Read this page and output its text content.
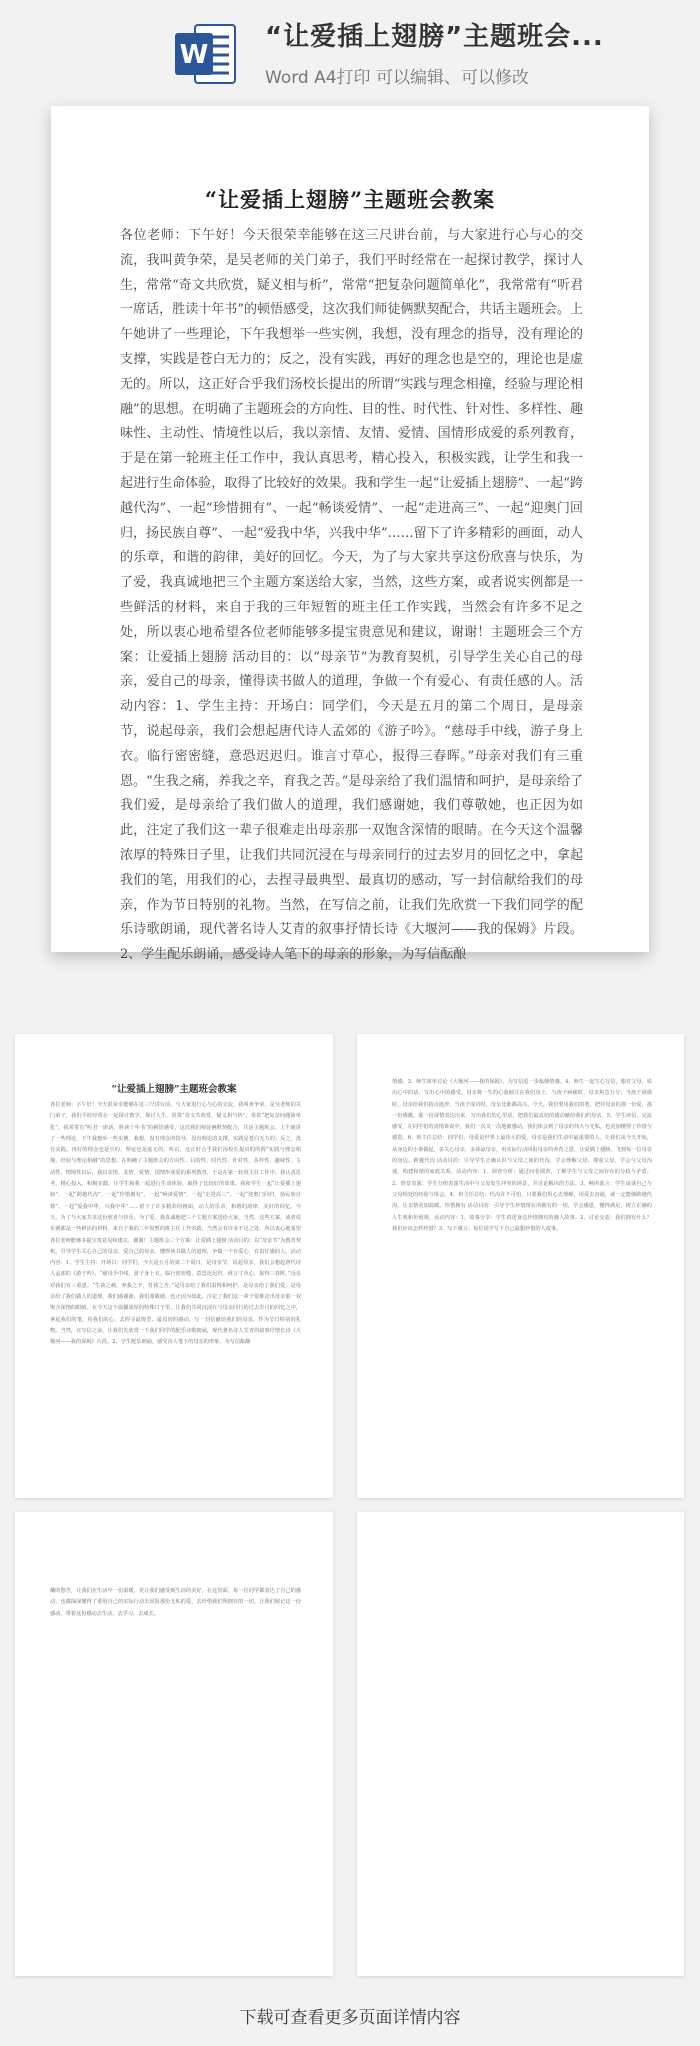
W
“让爱插上翅膀”主题班会...
Word A4打印 可以编辑、可以修改
“让爱插上翅膀”主题班会教案
各位老师：下午好！今天很荣幸能够在这三尺讲台前，与大家进行心与心的交流，我叫黄争荣，是吴老师的关门弟子，我们平时经常在一起探讨教学，探讨人生，常常“奇文共欣赏，疑义相与析”，常常“把复杂问题简单化”，我常常有“听君一席话，胜读十年书”的顿悟感受，这次我们师徒俩默契配合，共话主题班会。上午她讲了一些理论，下午我想举一些实例，我想，没有理念的指导，没有理论的支撑，实践是苍白无力的；反之，没有实践，再好的理念也是空的，理论也是虚无的。所以，这正好合乎我们汤校长提出的所谓“实践与理念相撞，经验与理论相融”的思想。在明确了主题班会的方向性、目的性、时代性、针对性、多样性、趣味性、主动性、情境性以后，我以亲情、友情、爱情、国情形成爱的系列教育，于是在第一轮班主任工作中，我认真思考，精心投入，积极实践，让学生和我一起进行生命体验，取得了比较好的效果。我和学生一起“让爱插上翅膀”、一起“跨越代沟”、一起“珍惜拥有”、一起“畅谈爱情”、一起“走进高三”、一起“迎奥门回归，扬民族自尊”、一起“爱我中华，兴我中华”……留下了许多精彩的画面，动人的乐章，和谐的韵律，美好的回忆。今天，为了与大家共享这份欣喜与快乐，为了爱，我真诚地把三个主题方案送给大家，当然，这些方案，或者说实例都是一些鲜活的材料，来自于我的三年短暂的班主任工作实践，当然会有许多不足之处，所以衷心地希望各位老师能够多提宝贵意见和建议，谢谢！主题班会三个方案：让爱插上翅膀 活动目的：以“母亲节”为教育契机，引导学生关心自己的母亲，爱自己的母亲，懂得读书做人的道理，争做一个有爱心、有责任感的人。活动内容：1、学生主持：开场白：同学们，今天是五月的第二个周日，是母亲节，说起母亲，我们会想起唐代诗人孟郊的《游子吟》。“慈母手中线，游子身上衣。临行密密缝，意恐迟迟归。谁言寸草心，报得三春晖。”母亲对我们有三重恩。“生我之痛，养我之辛，育我之苦。”是母亲给了我们温情和呵护，是母亲给了我们爱，是母亲给了我们做人的道理，我们感谢她，我们尊敬她，也正因为如此，注定了我们这一辈子很难走出母亲那一双饱含深情的眼睛。在今天这个温馨浓厚的特殊日子里，让我们共同沉浸在与母亲同行的过去岁月的回忆之中，拿起我们的笔，用我们的心，去捏寻最典型、最真切的感动，写一封信献给我们的母亲，作为节日特别的礼物。当然，在写信之前，让我们先欣赏一下我们同学的配乐诗歌朗诵，现代著名诗人艾青的叙事抒情长诗《大堰河——我的保姆》片段。2、学生配乐朗诵，感受诗人笔下的母亲的形象，为写信酝酿
“让爱插上翅膀”主题班会教案
各位老师：下午好！今天很荣幸能够在这三尺讲台前，与大家进行心与心的交流，我叫黄争荣，是吴老师的关门弟子，我们平时经常在一起探讨教学，探讨人生，常常“奇文共欣赏，疑义相与析”，常常“把复杂问题简单化”，我常常有“听君一席话，胜读十年书”的顿悟感受，这次我们师徒俩默契配合，共话主题班会。上午她讲了一些理论，下午我想举一些实例，我想，没有理念的指导，没有理论的支撑，实践是苍白无力的；反之，没有实践，再好的理念也是空的，理论也是虚无的。所以，这正好合乎我们汤校长提出的所谓“实践与理念相撞，经验与理论相融”的思想。在明确了主题班会的方向性、目的性、时代性、针对性、多样性、趣味性、主动性、情境性以后，我以亲情、友情、爱情、国情形成爱的系列教育，于是在第一轮班主任工作中，我认真思考，精心投入，积极实践，让学生和我一起进行生命体验，取得了比较好的效果。我和学生一起“让爱插上翅膀”、一起“跨越代沟”、一起“珍惜拥有”、一起“畅谈爱情”、一起“走进高三”、一起“迎奥门回归，扬民族自尊”、一起“爱我中华，兴我中华”……留下了许多精彩的画面，动人的乐章，和谐的韵律，美好的回忆。今天，为了与大家共享这份欣喜与快乐，为了爱，我真诚地把三个主题方案送给大家，当然，这些方案，或者说实例都是一些鲜活的材料，来自于我的三年短暂的班主任工作实践，当然会有许多不足之处，所以衷心地希望各位老师能够多提宝贵意见和建议，谢谢！主题班会三个方案：让爱插上翅膀 活动目的：以“母亲节”为教育契机，引导学生关心自己的母亲，爱自己的母亲，懂得读书做人的道理，争做一个有爱心、有责任感的人。活动内容：1、学生主持：开场白：同学们，今天是五月的第二个周日，是母亲节，说起母亲，我们会想起唐代诗人孟郊的《游子吟》。“慈母手中线，游子身上衣。临行密密缝，意恐迟迟归。谁言寸草心，报得三春晖。”母亲对我们有三重恩。“生我之痛，养我之辛，育我之苦。”是母亲给了我们温情和呵护，是母亲给了我们爱，是母亲给了我们做人的道理，我们感谢她，我们尊敬她，也正因为如此，注定了我们这一辈子很难走出母亲那一双饱含深情的眼睛。在今天这个温馨浓厚的特殊日子里，让我们共同沉浸在与母亲同行的过去岁月的回忆之中，拿起我们的笔，用我们的心，去捏寻最典型、最真切的感动，写一封信献给我们的母亲，作为节日特别的礼物。当然，在写信之前，让我们先欣赏一下我们同学的配乐诗歌朗诵，现代著名诗人艾青的叙事抒情长诗《大堰河——我的保姆》片段。2、学生配乐朗诵，感受诗人笔下的母亲的形象，为写信酝酿
情感。3、师生简单讨论《大堰河——我的保姆》，为写信进一步酝酿情感。4、师生一起写心写信，想对父母、说出心中的话，写出心中的感受。母亲将一生的心血倾注在我们身上，当孩子病痛时，母亲焦急万分；当孩子困惑时，母亲给我们指点迷津；当孩子成功时，母亲比谁都高兴。今天，我们要用我们的笔，把对母亲的那一份爱，那一份感激，那一份深情表达出来，写出我们的心里话，把我们最真切的感动献给我们的母亲。5、学生读信，交流感受，在同学们的真情诉说中，我们一次又一次地被感动，我们体会到了母亲的伟大与无私，也更加懂得了珍惜与感恩。6、班主任总结：同学们，母爱是世界上最伟大的爱，母亲是我们生命中最重要的人。让我们从今天开始，从身边的小事做起，多关心母亲，多体谅母亲，用实际行动回报母亲的养育之恩，让爱插上翅膀，飞到每一位母亲的身边。跨越代沟 活动目的：引导学生正确认识与父母之间的代沟，学会理解父母、尊重父母，学会与父母沟通，构建和谐的家庭关系。活动内容：1、调查分析：通过问卷调查，了解学生与父母之间存在的分歧与矛盾。2、情景表演：学生分组表演生活中与父母发生冲突的场景，并讨论解决的方法。3、畅所欲言：学生谈谈自己与父母相处的经验与体会。4、班主任总结：代沟并不可怕，只要我们用心去理解，用爱去沟通，就一定能够跨越代沟，让亲情更加温暖。珍惜拥有 活动目的：引导学生珍惜现在所拥有的一切，学会感恩，懂得满足，树立正确的人生观和价值观。活动内容：1、故事分享：学生讲述身边珍惜拥有的感人故事。2、讨论交流：我们拥有什么？我们应该怎样珍惜？3、写下感言：每位同学写下自己最想珍惜的人或事。
酬的愁苦，让我们在生活中一份温暖，更让我们感受到生活的美好，在这里面，每一位同学都表达了自己的感动，也都深深懂得了要用自己的实际行动去回报那份无私的爱，去珍惜我们所拥有的一切。让我们铭记这一份感动，带着这份感动去生活，去学习，去成长。
下载可查看更多页面详情内容
